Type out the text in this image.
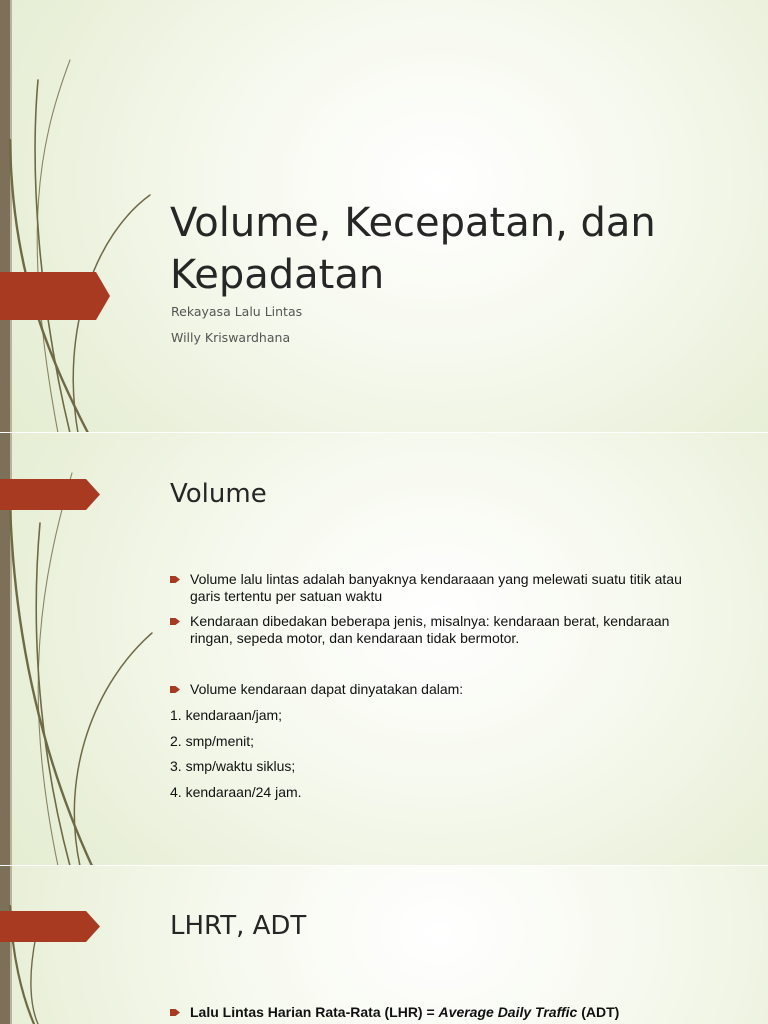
Volume, Kecepatan, dan
Kepadatan

Rekayasa Lalu Lintas

Willy Kriswardhana

Volume
Volume lalu lintas adalah banyaknya kendaraaan yang melewati suatu titik atau garis tertentu per satuan waktu
Kendaraan dibedakan beberapa jenis, misalnya: kendaraan berat, kendaraan ringan, sepeda motor, dan kendaraan tidak bermotor.
Volume kendaraan dapat dinyatakan dalam:
1. kendaraan/jam;
2. smp/menit;
3. smp/waktu siklus;
4. kendaraan/24 jam.
LHRT, ADT
Lalu Lintas Harian Rata-Rata (LHR) = Average Daily Traffic (ADT)
